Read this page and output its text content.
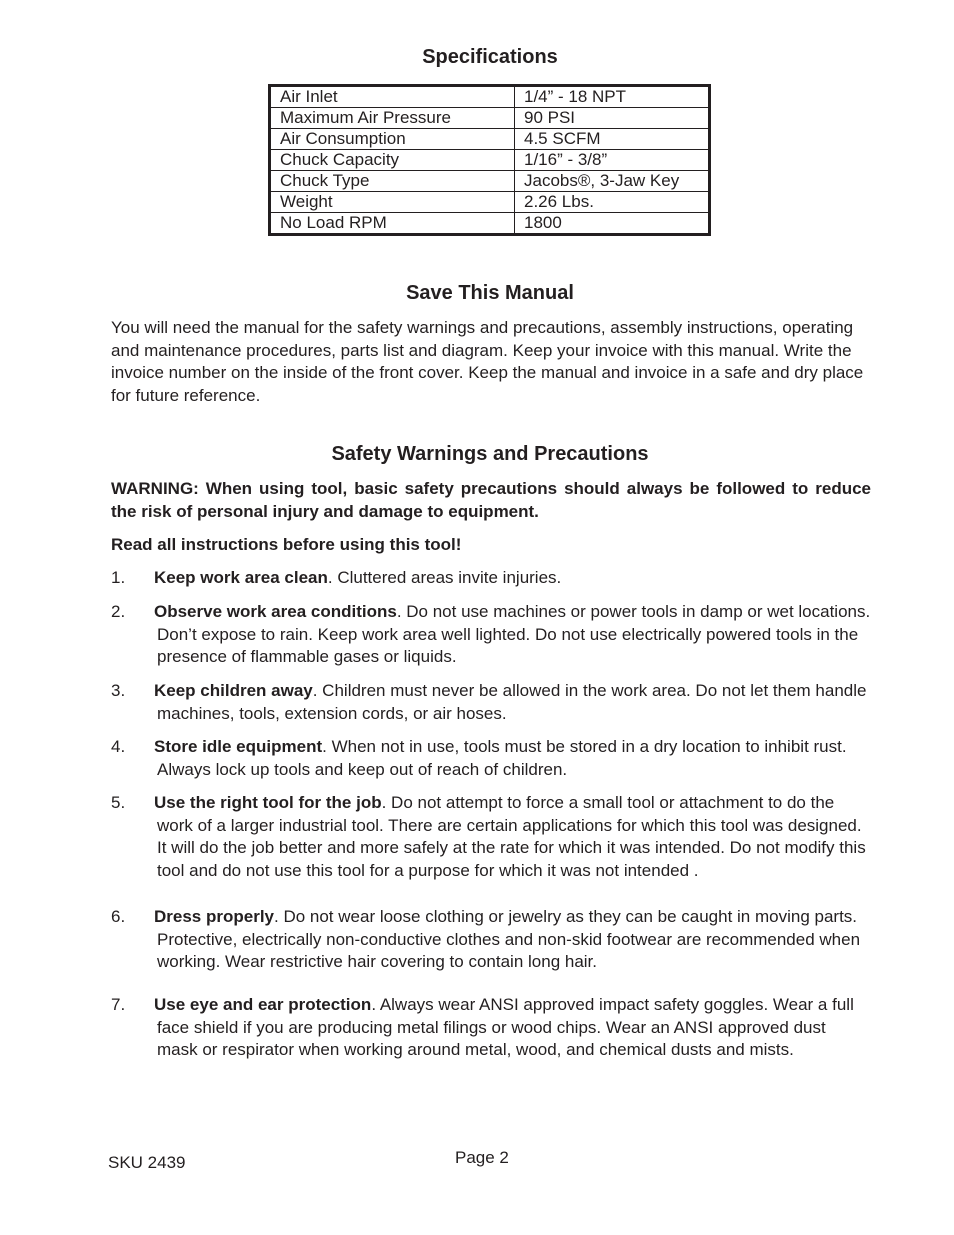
Specifications
Air Inlet	1/4” - 18 NPT
Maximum Air Pressure	90 PSI
Air Consumption	4.5 SCFM
Chuck Capacity	1/16” - 3/8”
Chuck Type	Jacobs®, 3-Jaw Key
Weight	2.26 Lbs.
No Load RPM	1800
Save This Manual

You will need the manual for the safety warnings and precautions, assembly instructions, operating and maintenance procedures, parts list and diagram. Keep your invoice with this manual. Write the invoice number on the inside of the front cover. Keep the manual and invoice in a safe and dry place for future reference.

Safety Warnings and Precautions

WARNING: When using tool, basic safety precautions should always be followed to reduce the risk of personal injury and damage to equipment.

Read all instructions before using this tool!

1.	Keep work area clean. Cluttered areas invite injuries.
2.	Observe work area conditions. Do not use machines or power tools in damp or wet locations. Don’t expose to rain. Keep work area well lighted. Do not use electrically powered tools in the presence of flammable gases or liquids.
3.	Keep children away. Children must never be allowed in the work area. Do not let them handle machines, tools, extension cords, or air hoses.
4.	Store idle equipment. When not in use, tools must be stored in a dry location to inhibit rust. Always lock up tools and keep out of reach of children.
5.	Use the right tool for the job. Do not attempt to force a small tool or attachment to do the work of a larger industrial tool. There are certain applications for which this tool was designed. It will do the job better and more safely at the rate for which it was intended. Do not modify this tool and do not use this tool for a purpose for which it was not intended .
6.	Dress properly. Do not wear loose clothing or jewelry as they can be caught in moving parts. Protective, electrically non-conductive clothes and non-skid footwear are recommended when working. Wear restrictive hair covering to contain long hair.
7.	Use eye and ear protection. Always wear ANSI approved impact safety goggles. Wear a full face shield if you are producing metal filings or wood chips. Wear an ANSI approved dust mask or respirator when working around metal, wood, and chemical dusts and mists.
SKU 2439	Page 2
